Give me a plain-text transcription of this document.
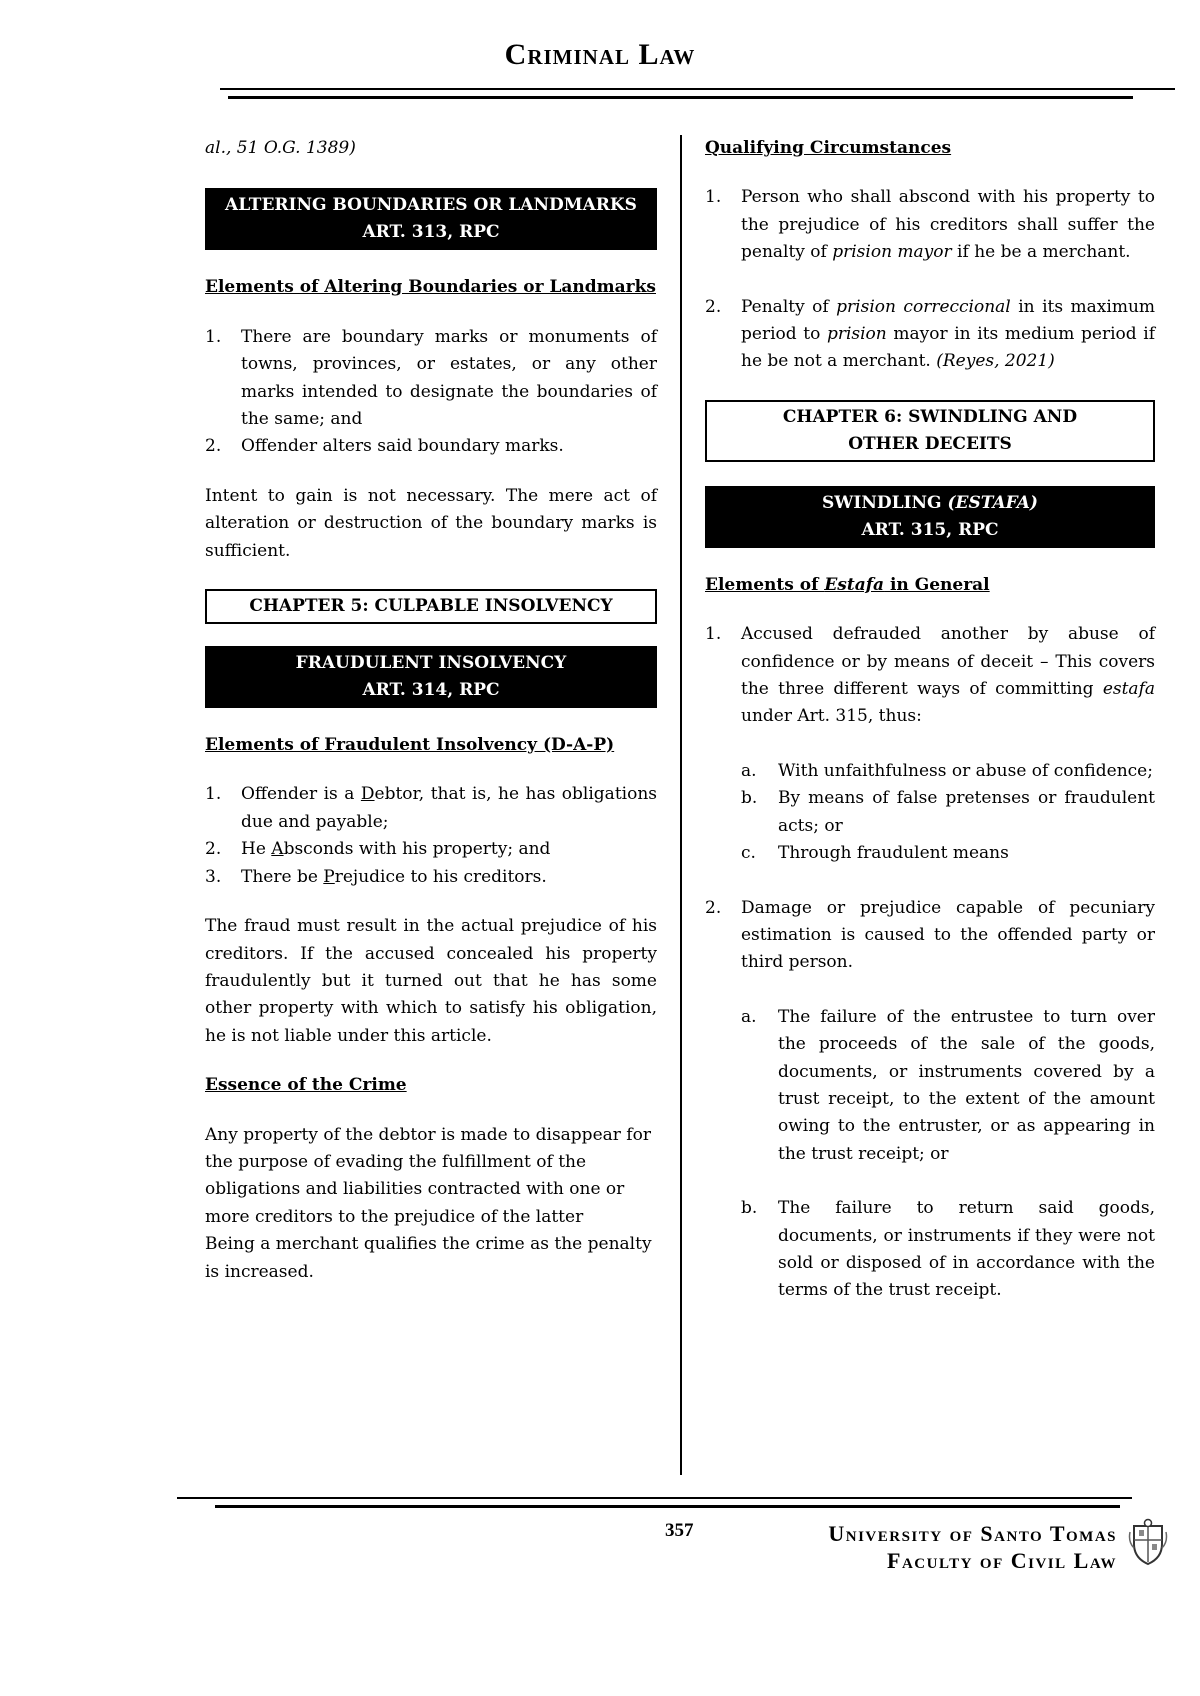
Criminal Law

al., 51 O.G. 1389)

ALTERING BOUNDARIES OR LANDMARKS
ART. 313, RPC

Elements of Altering Boundaries or Landmarks

1. There are boundary marks or monuments of towns, provinces, or estates, or any other marks intended to designate the boundaries of the same; and
2. Offender alters said boundary marks.

Intent to gain is not necessary. The mere act of alteration or destruction of the boundary marks is sufficient.

CHAPTER 5: CULPABLE INSOLVENCY
FRAUDULENT INSOLVENCY
ART. 314, RPC

Elements of Fraudulent Insolvency (D-A-P)

1. Offender is a Debtor, that is, he has obligations due and payable;
2. He Absconds with his property; and
3. There be Prejudice to his creditors.

The fraud must result in the actual prejudice of his creditors. If the accused concealed his property fraudulently but it turned out that he has some other property with which to satisfy his obligation, he is not liable under this article.

Essence of the Crime

Any property of the debtor is made to disappear for the purpose of evading the fulfillment of the obligations and liabilities contracted with one or more creditors to the prejudice of the latter
Being a merchant qualifies the crime as the penalty is increased.

Qualifying Circumstances

1. Person who shall abscond with his property to the prejudice of his creditors shall suffer the penalty of prision mayor if he be a merchant.
2. Penalty of prision correccional in its maximum period to prision mayor in its medium period if he be not a merchant. (Reyes, 2021)
CHAPTER 6: SWINDLING AND
OTHER DECEITS
SWINDLING (ESTAFA)
ART. 315, RPC

Elements of Estafa in General

1. Accused defrauded another by abuse of confidence or by means of deceit – This covers the three different ways of committing estafa under Art. 315, thus:
a. With unfaithfulness or abuse of confidence;
b. By means of false pretenses or fraudulent acts; or
c. Through fraudulent means
2. Damage or prejudice capable of pecuniary estimation is caused to the offended party or third person.
a. The failure of the entrustee to turn over the proceeds of the sale of the goods, documents, or instruments covered by a trust receipt, to the extent of the amount owing to the entruster, or as appearing in the trust receipt; or
b. The failure to return said goods, documents, or instruments if they were not sold or disposed of in accordance with the terms of the trust receipt.
357	University of Santo Tomas
Faculty of Civil Law
